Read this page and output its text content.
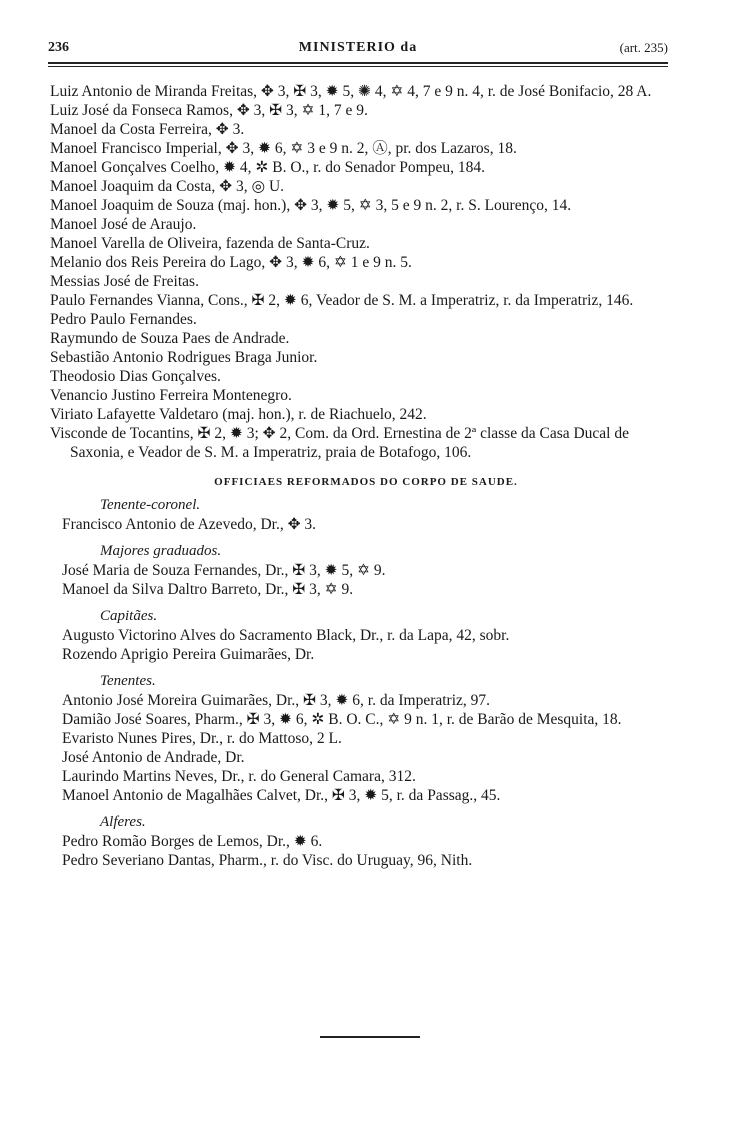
236	MINISTERIO da	(art. 235)

Luiz Antonio de Miranda Freitas, ✥ 3, ✠ 3, ✹ 5, ✺ 4, ✡ 4, 7 e 9 n. 4, r. de José Bonifacio, 28 A.

Luiz José da Fonseca Ramos, ✥ 3, ✠ 3, ✡ 1, 7 e 9.

Manoel da Costa Ferreira, ✥ 3.

Manoel Francisco Imperial, ✥ 3, ✹ 6, ✡ 3 e 9 n. 2, Ⓐ, pr. dos Lazaros, 18.

Manoel Gonçalves Coelho, ✹ 4, ✲ B. O., r. do Senador Pompeu, 184.

Manoel Joaquim da Costa, ✥ 3, ◎ U.

Manoel Joaquim de Souza (maj. hon.), ✥ 3, ✹ 5, ✡ 3, 5 e 9 n. 2, r. S. Lourenço, 14.

Manoel José de Araujo.

Manoel Varella de Oliveira, fazenda de Santa-Cruz.

Melanio dos Reis Pereira do Lago, ✥ 3, ✹ 6, ✡ 1 e 9 n. 5.

Messias José de Freitas.

Paulo Fernandes Vianna, Cons., ✠ 2, ✹ 6, Veador de S. M. a Imperatriz, r. da Imperatriz, 146.

Pedro Paulo Fernandes.

Raymundo de Souza Paes de Andrade.

Sebastião Antonio Rodrigues Braga Junior.

Theodosio Dias Gonçalves.

Venancio Justino Ferreira Montenegro.

Viriato Lafayette Valdetaro (maj. hon.), r. de Riachuelo, 242.

Visconde de Tocantins, ✠ 2, ✹ 3; ✥ 2, Com. da Ord. Ernestina de 2ª classe da Casa Ducal de Saxonia, e Veador de S. M. a Imperatriz, praia de Botafogo, 106.

OFFICIAES REFORMADOS DO CORPO DE SAUDE.
Tenente-coronel.

Francisco Antonio de Azevedo, Dr., ✥ 3.

Majores graduados.

José Maria de Souza Fernandes, Dr., ✠ 3, ✹ 5, ✡ 9.

Manoel da Silva Daltro Barreto, Dr., ✠ 3, ✡ 9.

Capitães.

Augusto Victorino Alves do Sacramento Black, Dr., r. da Lapa, 42, sobr.

Rozendo Aprigio Pereira Guimarães, Dr.

Tenentes.

Antonio José Moreira Guimarães, Dr., ✠ 3, ✹ 6, r. da Imperatriz, 97.

Damião José Soares, Pharm., ✠ 3, ✹ 6, ✲ B. O. C., ✡ 9 n. 1, r. de Barão de Mesquita, 18.

Evaristo Nunes Pires, Dr., r. do Mattoso, 2 L.

José Antonio de Andrade, Dr.

Laurindo Martins Neves, Dr., r. do General Camara, 312.

Manoel Antonio de Magalhães Calvet, Dr., ✠ 3, ✹ 5, r. da Passag., 45.

Alferes.

Pedro Romão Borges de Lemos, Dr., ✹ 6.

Pedro Severiano Dantas, Pharm., r. do Visc. do Uruguay, 96, Nith.
